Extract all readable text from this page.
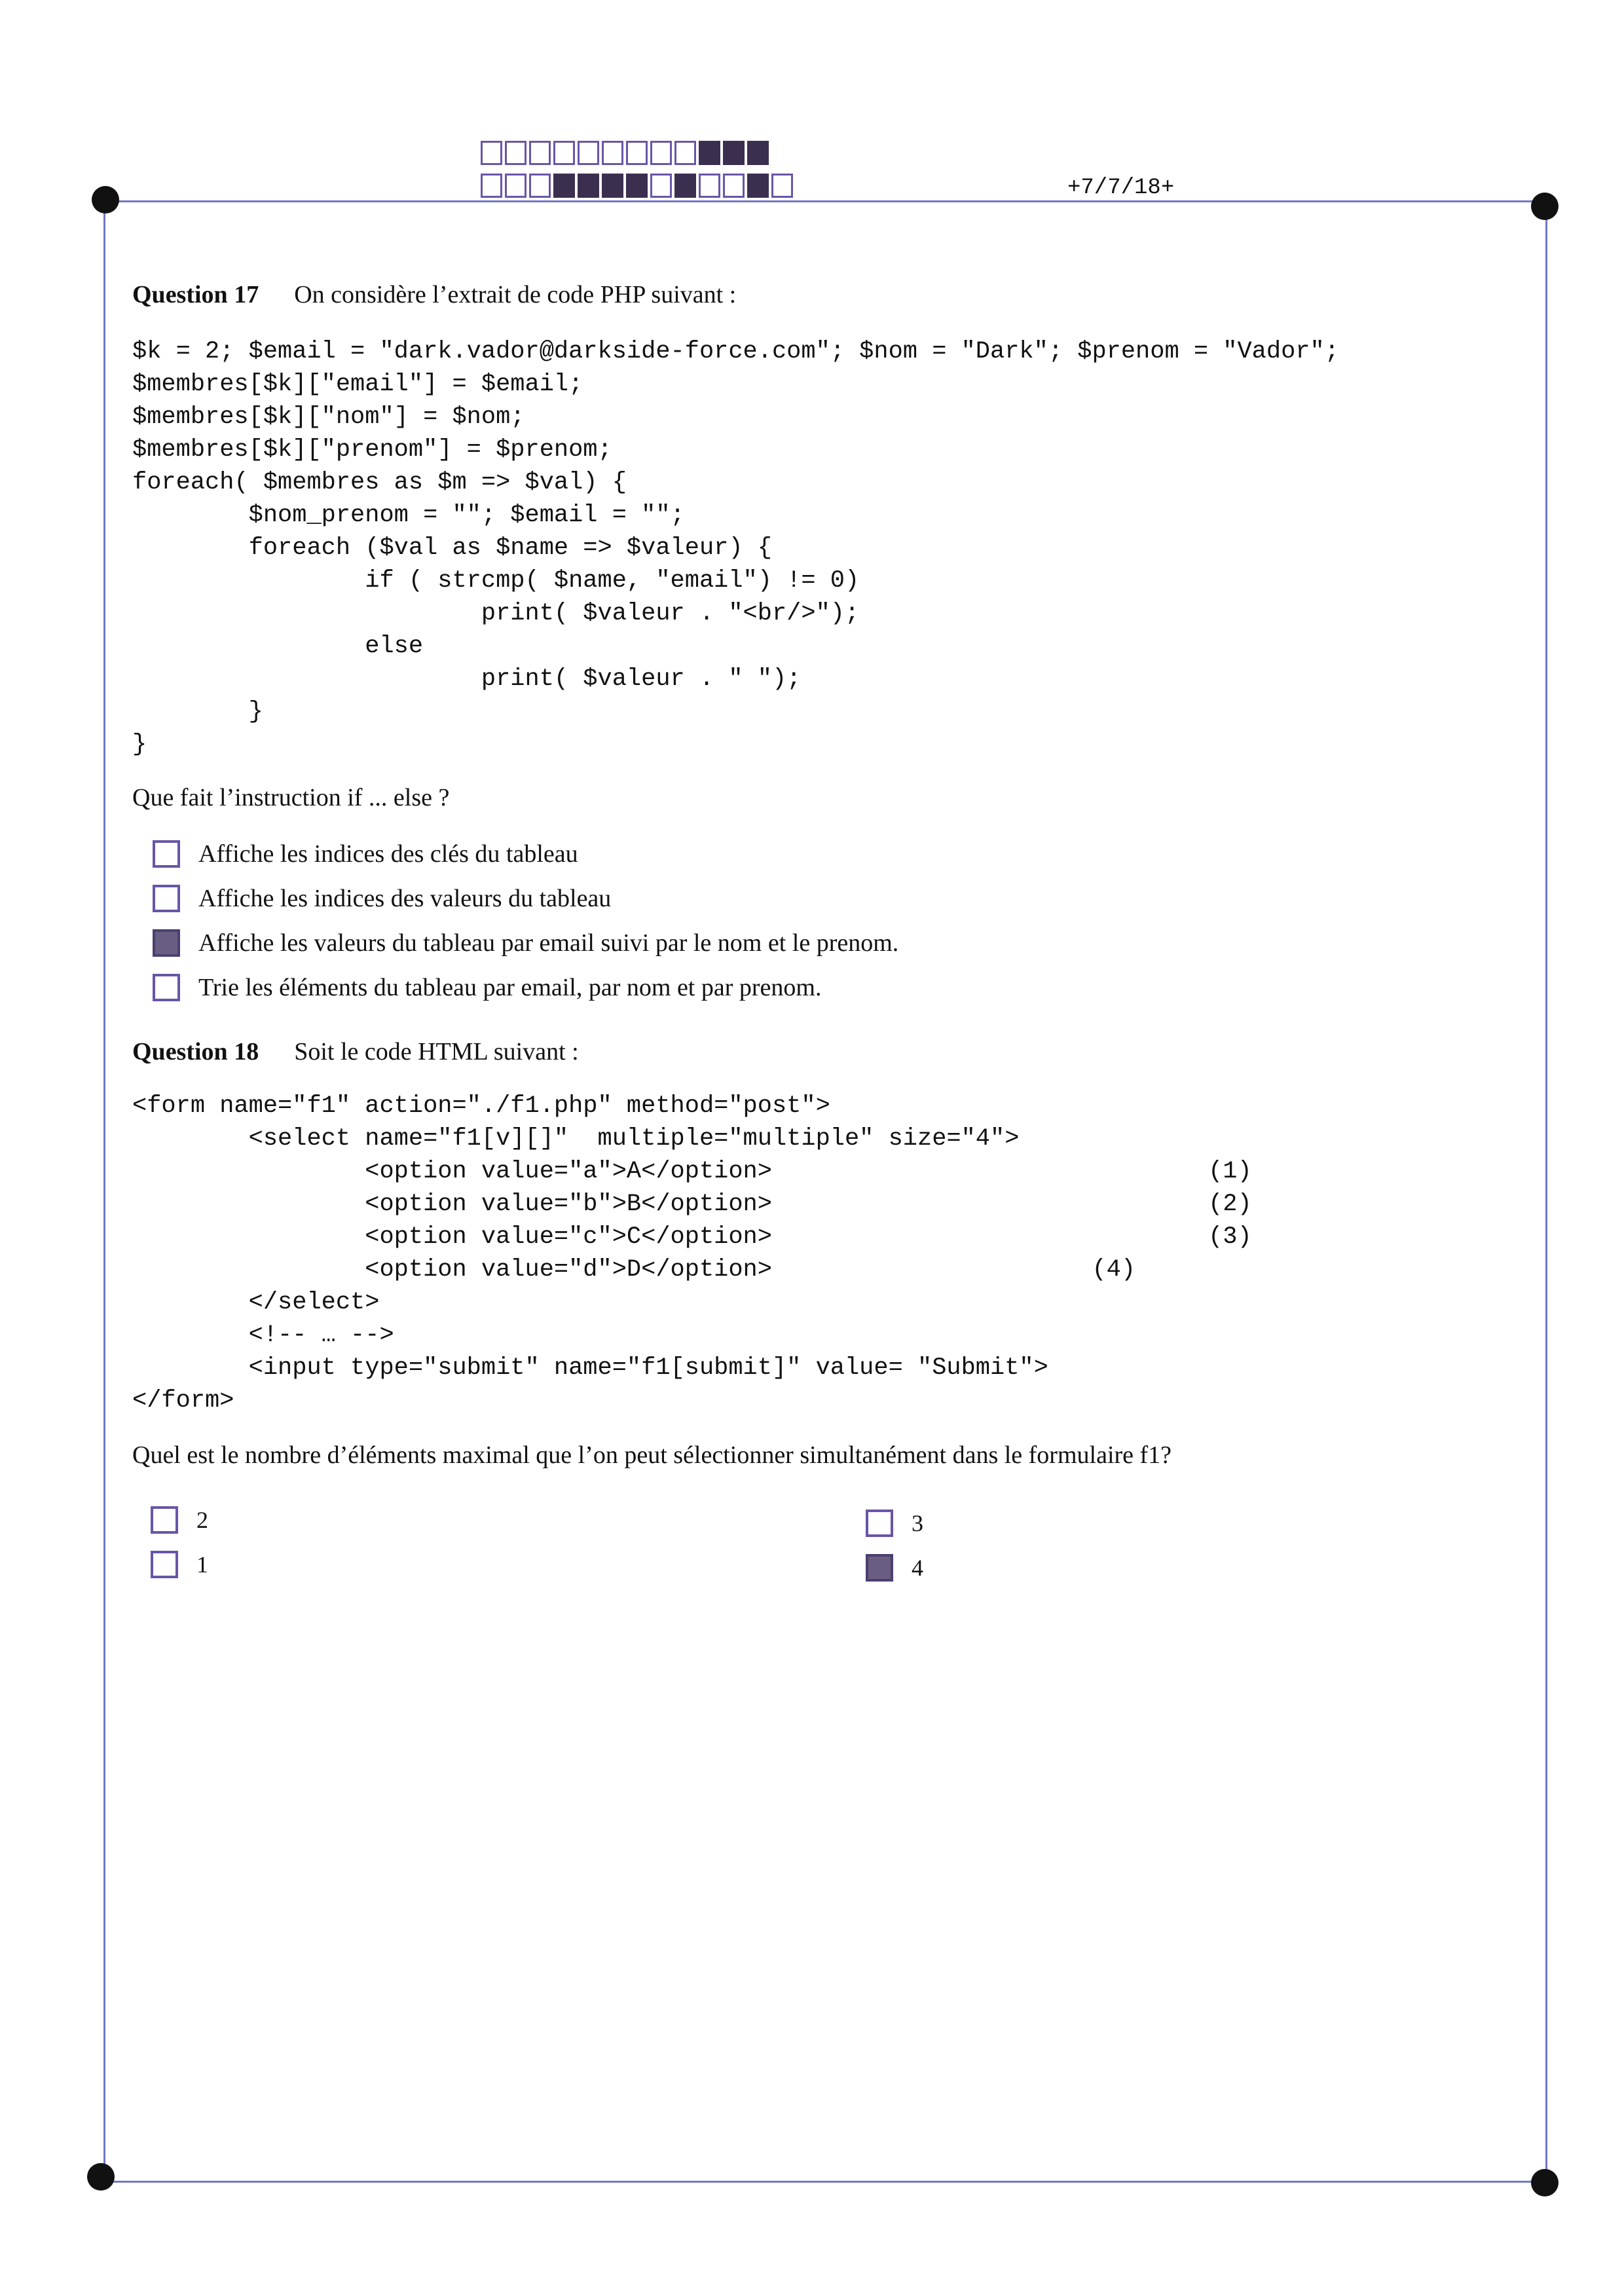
+7/7/18+
Question 17 On considère l’extrait de code PHP suivant :
$k = 2; $email = "dark.vador@darkside-force.com"; $nom = "Dark"; $prenom = "Vador";
$membres[$k]["email"] = $email;
$membres[$k]["nom"] = $nom;
$membres[$k]["prenom"] = $prenom;
foreach( $membres as $m => $val) {
$nom_prenom = ""; $email = "";
foreach ($val as $name => $valeur) {
if ( strcmp( $name, "email") != 0)
print( $valeur . "<br/>");
else
print( $valeur . " ");
}
}
Que fait l’instruction if ... else ?
Affiche les indices des clés du tableau
Affiche les indices des valeurs du tableau
Affiche les valeurs du tableau par email suivi par le nom et le prenom.
Trie les éléments du tableau par email, par nom et par prenom.
Question 18 Soit le code HTML suivant :
<form name="f1" action="./f1.php" method="post">
<select name="f1[v][]"  multiple="multiple" size="4">
<option value="a">A</option>                              (1)
<option value="b">B</option>                              (2)
<option value="c">C</option>                              (3)
<option value="d">D</option>                      (4)
</select>
<!-- … -->
<input type="submit" name="f1[submit]" value= "Submit">
</form>
Quel est le nombre d’éléments maximal que l’on peut sélectionner simultanément dans le formulaire f1?
2
1
3
4
